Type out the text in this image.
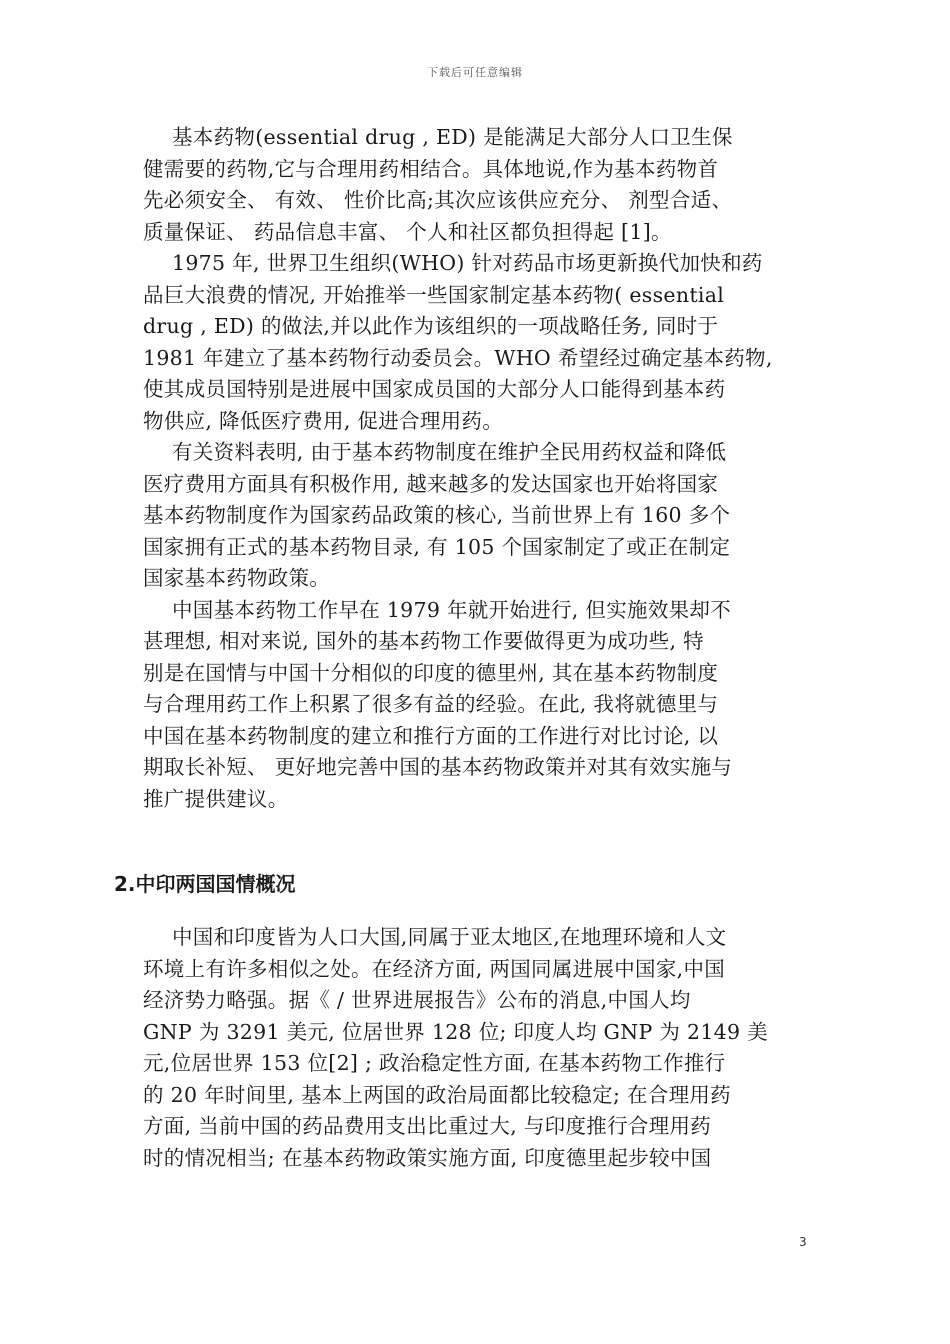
下载后可任意编辑
基本药物(essential drug , ED) 是能满足大部分人口卫生保
健需要的药物,它与合理用药相结合。具体地说,作为基本药物首
先必须安全、 有效、 性价比高;其次应该供应充分、 剂型合适、
质量保证、 药品信息丰富、 个人和社区都负担得起 [1]。
1975 年, 世界卫生组织(WHO) 针对药品市场更新换代加快和药
品巨大浪费的情况, 开始推举一些国家制定基本药物( essential
drug , ED) 的做法,并以此作为该组织的一项战略任务, 同时于
1981 年建立了基本药物行动委员会。WHO 希望经过确定基本药物,
使其成员国特别是进展中国家成员国的大部分人口能得到基本药
物供应, 降低医疗费用, 促进合理用药。
有关资料表明, 由于基本药物制度在维护全民用药权益和降低
医疗费用方面具有积极作用, 越来越多的发达国家也开始将国家
基本药物制度作为国家药品政策的核心, 当前世界上有 160 多个
国家拥有正式的基本药物目录, 有 105 个国家制定了或正在制定
国家基本药物政策。
中国基本药物工作早在 1979 年就开始进行, 但实施效果却不
甚理想, 相对来说, 国外的基本药物工作要做得更为成功些, 特
别是在国情与中国十分相似的印度的德里州, 其在基本药物制度
与合理用药工作上积累了很多有益的经验。在此, 我将就德里与
中国在基本药物制度的建立和推行方面的工作进行对比讨论, 以
期取长补短、 更好地完善中国的基本药物政策并对其有效实施与
推广提供建议。
2.中印两国国情概况
中国和印度皆为人口大国,同属于亚太地区,在地理环境和人文
环境上有许多相似之处。在经济方面, 两国同属进展中国家,中国
经济势力略强。据《 / 世界进展报告》公布的消息,中国人均
GNP 为 3291 美元, 位居世界 128 位; 印度人均 GNP 为 2149 美
元,位居世界 153 位[2] ; 政治稳定性方面, 在基本药物工作推行
的 20 年时间里, 基本上两国的政治局面都比较稳定; 在合理用药
方面, 当前中国的药品费用支出比重过大, 与印度推行合理用药
时的情况相当; 在基本药物政策实施方面, 印度德里起步较中国
3
